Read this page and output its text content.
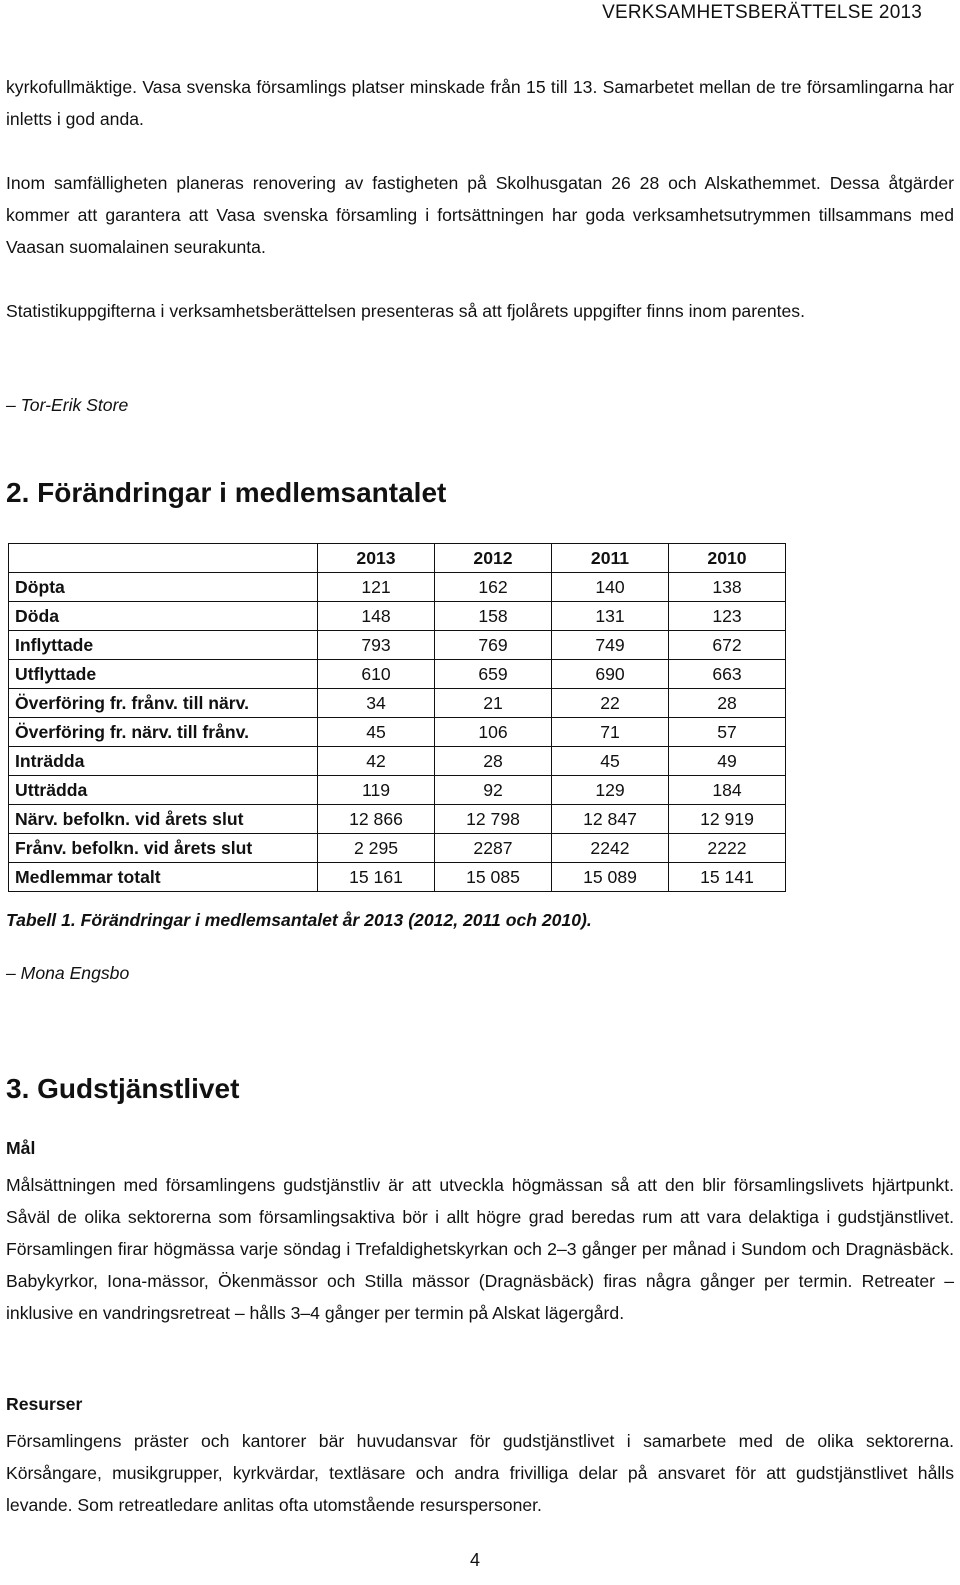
VERKSAMHETSBERÄTTELSE 2013

kyrkofullmäktige. Vasa svenska församlings platser minskade från 15 till 13. Samarbetet mellan de tre församlingarna har inletts i god anda.

Inom samfälligheten planeras renovering av fastigheten på Skolhusgatan 26 28 och Alskathemmet. Dessa åtgärder kommer att garantera att Vasa svenska församling i fortsättningen har goda verksamhetsutrymmen tillsammans med Vaasan suomalainen seurakunta.

Statistikuppgifterna i verksamhetsberättelsen presenteras så att fjolårets uppgifter finns inom parentes.

– Tor-Erik Store
2. Förändringar i medlemsantalet
	2013	2012	2011	2010
Döpta	121	162	140	138
Döda	148	158	131	123
Inflyttade	793	769	749	672
Utflyttade	610	659	690	663
Överföring fr. frånv. till närv.	34	21	22	28
Överföring fr. närv. till frånv.	45	106	71	57
Inträdda	42	28	45	49
Utträdda	119	92	129	184
Närv. befolkn. vid årets slut	12 866	12 798	12 847	12 919
Frånv. befolkn. vid årets slut	2 295	2287	2242	2222
Medlemmar totalt	15 161	15 085	15 089	15 141
Tabell 1. Förändringar i medlemsantalet år 2013 (2012, 2011 och 2010).
– Mona Engsbo
3. Gudstjänstlivet
Mål

Målsättningen med församlingens gudstjänstliv är att utveckla högmässan så att den blir församlingslivets hjärtpunkt. Såväl de olika sektorerna som församlingsaktiva bör i allt högre grad beredas rum att vara delaktiga i gudstjänstlivet. Församlingen firar högmässa varje söndag i Trefaldighetskyrkan och 2–3 gånger per månad i Sundom och Dragnäsbäck. Babykyrkor, Iona-mässor, Ökenmässor och Stilla mässor (Dragnäsbäck) firas några gånger per termin. Retreater – inklusive en vandringsretreat – hålls 3–4 gånger per termin på Alskat lägergård.

Resurser

Församlingens präster och kantorer bär huvudansvar för gudstjänstlivet i samarbete med de olika sektorerna. Körsångare, musikgrupper, kyrkvärdar, textläsare och andra frivilliga delar på ansvaret för att gudstjänstlivet hålls levande. Som retreatledare anlitas ofta utomstående resurspersoner.

4
